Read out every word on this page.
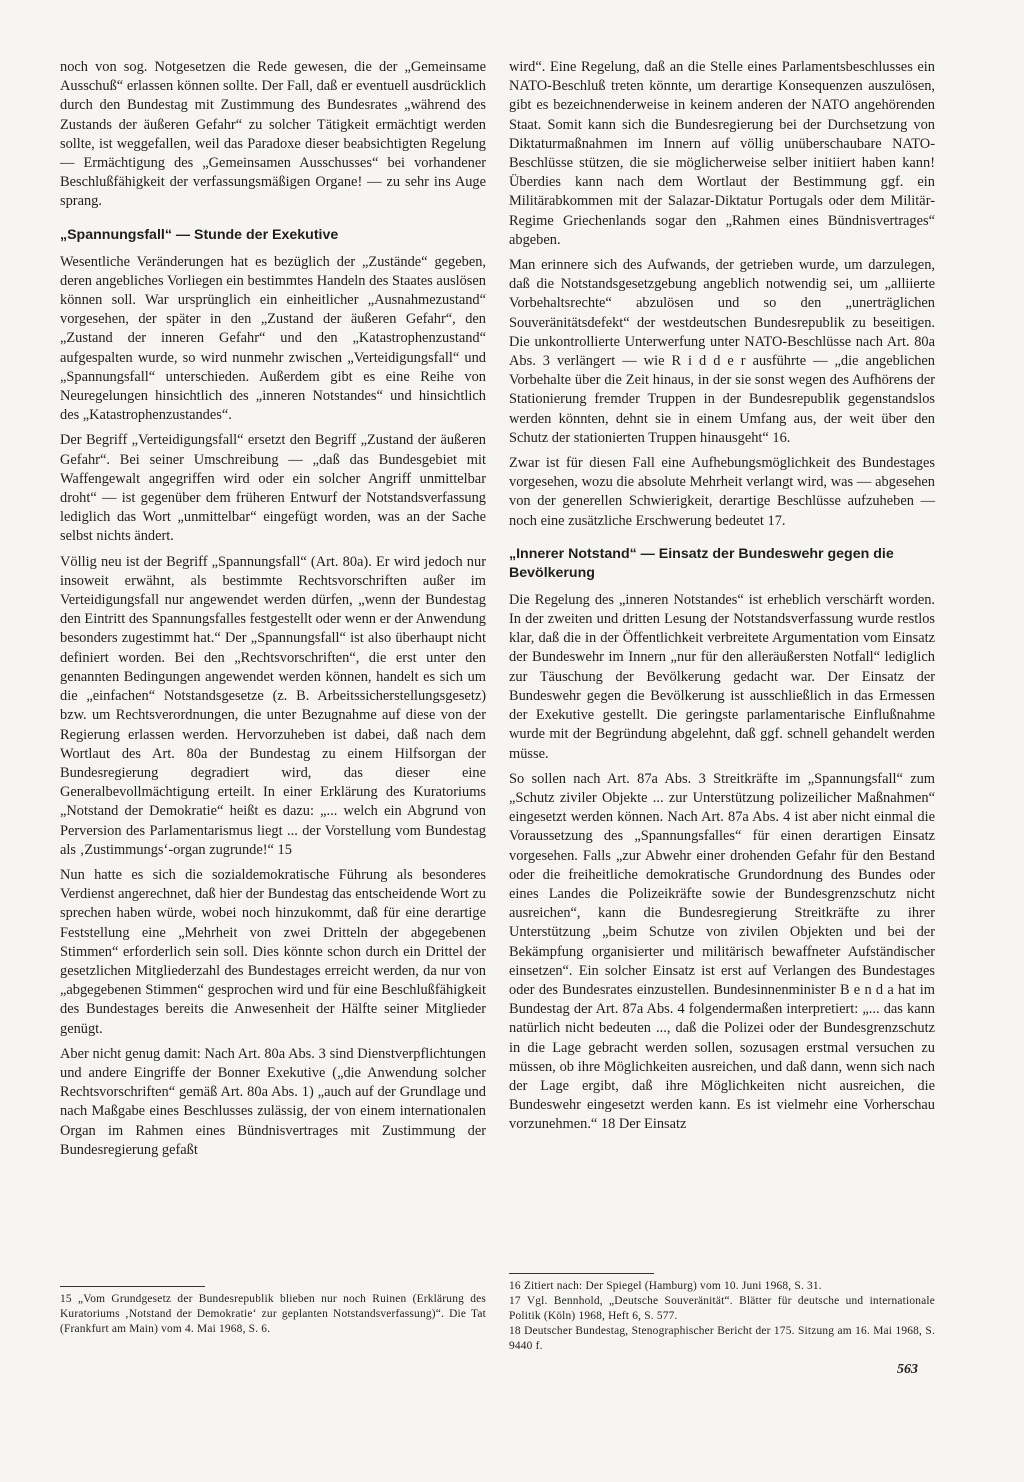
noch von sog. Notgesetzen die Rede gewesen, die der „Gemeinsame Ausschuß“ erlassen können sollte. Der Fall, daß er eventuell ausdrücklich durch den Bundestag mit Zustimmung des Bundesrates „während des Zustands der äußeren Gefahr“ zu solcher Tätigkeit ermächtigt werden sollte, ist weggefallen, weil das Paradoxe dieser beabsichtigten Regelung — Ermächtigung des „Gemeinsamen Ausschusses“ bei vorhandener Beschlußfähigkeit der verfassungsmäßigen Organe! — zu sehr ins Auge sprang.

„Spannungsfall“ — Stunde der Exekutive

Wesentliche Veränderungen hat es bezüglich der „Zustände“ gegeben, deren angebliches Vorliegen ein bestimmtes Handeln des Staates auslösen können soll. War ursprünglich ein einheitlicher „Ausnahmezustand“ vorgesehen, der später in den „Zustand der äußeren Gefahr“, den „Zustand der inneren Gefahr“ und den „Katastrophenzustand“ aufgespalten wurde, so wird nunmehr zwischen „Verteidigungsfall“ und „Spannungsfall“ unterschieden. Außerdem gibt es eine Reihe von Neuregelungen hinsichtlich des „inneren Notstandes“ und hinsichtlich des „Katastrophenzustandes“.

Der Begriff „Verteidigungsfall“ ersetzt den Begriff „Zustand der äußeren Gefahr“. Bei seiner Umschreibung — „daß das Bundesgebiet mit Waffengewalt angegriffen wird oder ein solcher Angriff unmittelbar droht“ — ist gegenüber dem früheren Entwurf der Notstandsverfassung lediglich das Wort „unmittelbar“ eingefügt worden, was an der Sache selbst nichts ändert.

Völlig neu ist der Begriff „Spannungsfall“ (Art. 80a). Er wird jedoch nur insoweit erwähnt, als bestimmte Rechtsvorschriften außer im Verteidigungsfall nur angewendet werden dürfen, „wenn der Bundestag den Eintritt des Spannungsfalles festgestellt oder wenn er der Anwendung besonders zugestimmt hat.“ Der „Spannungsfall“ ist also überhaupt nicht definiert worden. Bei den „Rechtsvorschriften“, die erst unter den genannten Bedingungen angewendet werden können, handelt es sich um die „einfachen“ Notstandsgesetze (z. B. Arbeitssicherstellungsgesetz) bzw. um Rechtsverordnungen, die unter Bezugnahme auf diese von der Regierung erlassen werden. Hervorzuheben ist dabei, daß nach dem Wortlaut des Art. 80a der Bundestag zu einem Hilfsorgan der Bundesregierung degradiert wird, das dieser eine Generalbevollmächtigung erteilt. In einer Erklärung des Kuratoriums „Notstand der Demokratie“ heißt es dazu: „... welch ein Abgrund von Perversion des Parlamentarismus liegt ... der Vorstellung vom Bundestag als ‚Zustimmungs‘-organ zugrunde!“ 15

Nun hatte es sich die sozialdemokratische Führung als besonderes Verdienst angerechnet, daß hier der Bundestag das entscheidende Wort zu sprechen haben würde, wobei noch hinzukommt, daß für eine derartige Feststellung eine „Mehrheit von zwei Dritteln der abgegebenen Stimmen“ erforderlich sein soll. Dies könnte schon durch ein Drittel der gesetzlichen Mitgliederzahl des Bundestages erreicht werden, da nur von „abgegebenen Stimmen“ gesprochen wird und für eine Beschlußfähigkeit des Bundestages bereits die Anwesenheit der Hälfte seiner Mitglieder genügt.

Aber nicht genug damit: Nach Art. 80a Abs. 3 sind Dienstverpflichtungen und andere Eingriffe der Bonner Exekutive („die Anwendung solcher Rechtsvorschriften“ gemäß Art. 80a Abs. 1) „auch auf der Grundlage und nach Maßgabe eines Beschlusses zulässig, der von einem internationalen Organ im Rahmen eines Bündnisvertrages mit Zustimmung der Bundesregierung gefaßt

wird“. Eine Regelung, daß an die Stelle eines Parlamentsbeschlusses ein NATO-Beschluß treten könnte, um derartige Konsequenzen auszulösen, gibt es bezeichnenderweise in keinem anderen der NATO angehörenden Staat. Somit kann sich die Bundesregierung bei der Durchsetzung von Diktaturmaßnahmen im Innern auf völlig unüberschaubare NATO-Beschlüsse stützen, die sie möglicherweise selber initiiert haben kann! Überdies kann nach dem Wortlaut der Bestimmung ggf. ein Militärabkommen mit der Salazar-Diktatur Portugals oder dem Militär-Regime Griechenlands sogar den „Rahmen eines Bündnisvertrages“ abgeben.

Man erinnere sich des Aufwands, der getrieben wurde, um darzulegen, daß die Notstandsgesetzgebung angeblich notwendig sei, um „alliierte Vorbehaltsrechte“ abzulösen und so den „unerträglichen Souveränitätsdefekt“ der westdeutschen Bundesrepublik zu beseitigen. Die unkontrollierte Unterwerfung unter NATO-Beschlüsse nach Art. 80a Abs. 3 verlängert — wie R i d d e r ausführte — „die angeblichen Vorbehalte über die Zeit hinaus, in der sie sonst wegen des Aufhörens der Stationierung fremder Truppen in der Bundesrepublik gegenstandslos werden könnten, dehnt sie in einem Umfang aus, der weit über den Schutz der stationierten Truppen hinausgeht“ 16.

Zwar ist für diesen Fall eine Aufhebungsmöglichkeit des Bundestages vorgesehen, wozu die absolute Mehrheit verlangt wird, was — abgesehen von der generellen Schwierigkeit, derartige Beschlüsse aufzuheben — noch eine zusätzliche Erschwerung bedeutet 17.

„Innerer Notstand“ — Einsatz der Bundeswehr gegen die Bevölkerung

Die Regelung des „inneren Notstandes“ ist erheblich verschärft worden. In der zweiten und dritten Lesung der Notstandsverfassung wurde restlos klar, daß die in der Öffentlichkeit verbreitete Argumentation vom Einsatz der Bundeswehr im Innern „nur für den alleräußersten Notfall“ lediglich zur Täuschung der Bevölkerung gedacht war. Der Einsatz der Bundeswehr gegen die Bevölkerung ist ausschließlich in das Ermessen der Exekutive gestellt. Die geringste parlamentarische Einflußnahme wurde mit der Begründung abgelehnt, daß ggf. schnell gehandelt werden müsse.

So sollen nach Art. 87a Abs. 3 Streitkräfte im „Spannungsfall“ zum „Schutz ziviler Objekte ... zur Unterstützung polizeilicher Maßnahmen“ eingesetzt werden können. Nach Art. 87a Abs. 4 ist aber nicht einmal die Voraussetzung des „Spannungsfalles“ für einen derartigen Einsatz vorgesehen. Falls „zur Abwehr einer drohenden Gefahr für den Bestand oder die freiheitliche demokratische Grundordnung des Bundes oder eines Landes die Polizeikräfte sowie der Bundesgrenzschutz nicht ausreichen“, kann die Bundesregierung Streitkräfte zu ihrer Unterstützung „beim Schutze von zivilen Objekten und bei der Bekämpfung organisierter und militärisch bewaffneter Aufständischer einsetzen“. Ein solcher Einsatz ist erst auf Verlangen des Bundestages oder des Bundesrates einzustellen. Bundesinnenminister B e n d a hat im Bundestag der Art. 87a Abs. 4 folgendermaßen interpretiert: „... das kann natürlich nicht bedeuten ..., daß die Polizei oder der Bundesgrenzschutz in die Lage gebracht werden sollen, sozusagen erstmal versuchen zu müssen, ob ihre Möglichkeiten ausreichen, und daß dann, wenn sich nach der Lage ergibt, daß ihre Möglichkeiten nicht ausreichen, die Bundeswehr eingesetzt werden kann. Es ist vielmehr eine Vorherschau vorzunehmen.“ 18 Der Einsatz

15 „Vom Grundgesetz der Bundesrepublik blieben nur noch Ruinen (Erklärung des Kuratoriums ‚Notstand der Demokratie‘ zur geplanten Notstandsverfassung)“. Die Tat (Frankfurt am Main) vom 4. Mai 1968, S. 6.

16 Zitiert nach: Der Spiegel (Hamburg) vom 10. Juni 1968, S. 31.

17 Vgl. Bennhold, „Deutsche Souveränität“. Blätter für deutsche und internationale Politik (Köln) 1968, Heft 6, S. 577.

18 Deutscher Bundestag, Stenographischer Bericht der 175. Sitzung am 16. Mai 1968, S. 9440 f.

563
